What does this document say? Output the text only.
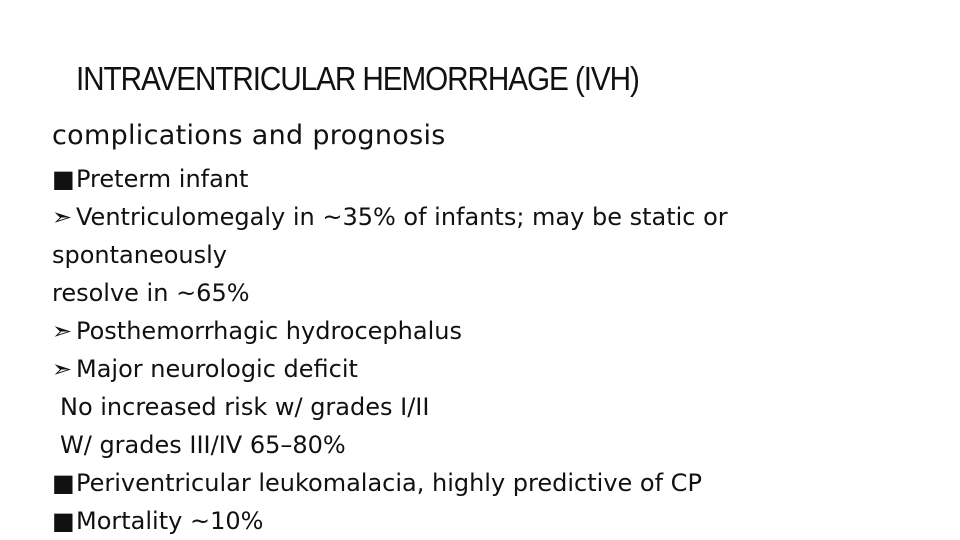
INTRAVENTRICULAR HEMORRHAGE (IVH)
complications and prognosis
■Preterm infant
➣ Ventriculomegaly in ~35% of infants; may be static or
spontaneously
resolve in ~65%
➣ Posthemorrhagic hydrocephalus
➣ Major neurologic deficit
No increased risk w/ grades I/II
W/ grades III/IV 65–80%
■Periventricular leukomalacia, highly predictive of CP
■Mortality ~10%
